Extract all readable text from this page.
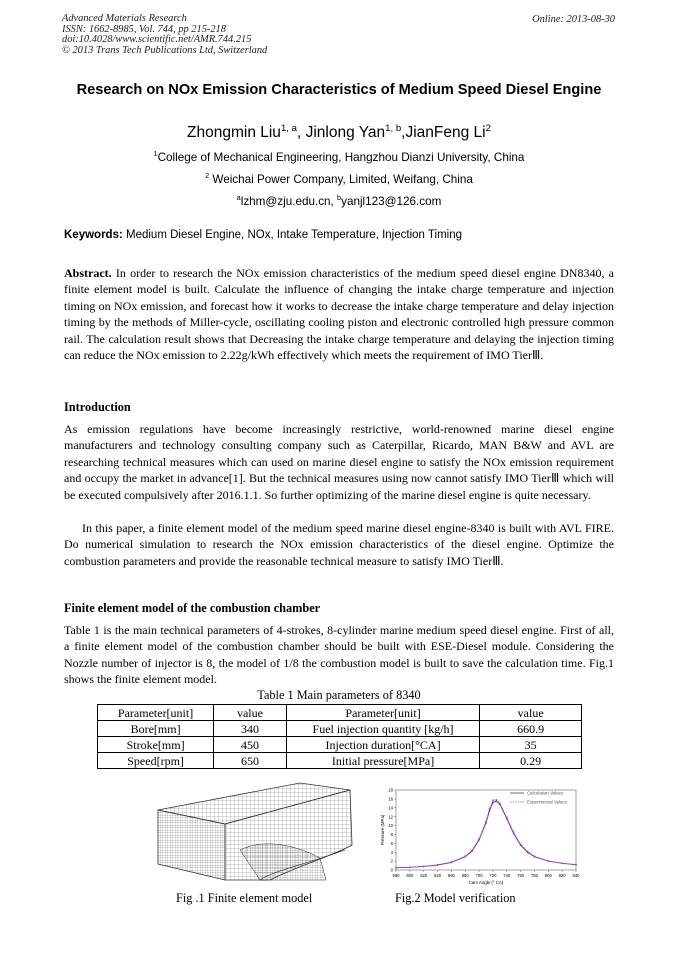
Advanced Materials Research
ISSN: 1662-8985, Vol. 744, pp 215-218
doi:10.4028/www.scientific.net/AMR.744.215
© 2013 Trans Tech Publications Ltd, Switzerland
Online: 2013-08-30
Research on NOx Emission Characteristics of Medium Speed Diesel Engine
Zhongmin Liu$^{1, a}$, Jinlong Yan$^{1, b}$,JianFeng Li$^2$
$^1$College of Mechanical Engineering, Hangzhou Dianzi University, China
$^2$ Weichai Power Company, Limited, Weifang, China
$^a$lzhm@zju.edu.cn, $^b$yanjl123@126.com
Keywords: Medium Diesel Engine, NOx, Intake Temperature, Injection Timing
Abstract. In order to research the NOx emission characteristics of the medium speed diesel engine DN8340, a finite element model is built. Calculate the influence of changing the intake charge temperature and injection timing on NOx emission, and forecast how it works to decrease the intake charge temperature and delay injection timing by the methods of Miller-cycle, oscillating cooling piston and electronic controlled high pressure common rail. The calculation result shows that Decreasing the intake charge temperature and delaying the injection timing can reduce the NOx emission to 2.22g/kWh effectively which meets the requirement of IMO TierⅢ.
Introduction
As emission regulations have become increasingly restrictive, world-renowned marine diesel engine manufacturers and technology consulting company such as Caterpillar, Ricardo, MAN B&W and AVL are researching technical measures which can used on marine diesel engine to satisfy the NOx emission requirement and occupy the market in advance[1]. But the technical measures using now cannot satisfy IMO TierⅢ which will be executed compulsively after 2016.1.1. So further optimizing of the marine diesel engine is quite necessary.
In this paper, a finite element model of the medium speed marine diesel engine-8340 is built with AVL FIRE. Do numerical simulation to research the NOx emission characteristics of the diesel engine. Optimize the combustion parameters and provide the reasonable technical measure to satisfy IMO TierⅢ.
Finite element model of the combustion chamber
Table 1 is the main technical parameters of 4-strokes, 8-cylinder marine medium speed diesel engine. First of all, a finite element model of the combustion chamber should be built with ESE-Diesel module. Considering the Nozzle number of injector is 8, the model of 1/8 the combustion model is built to save the calculation time. Fig.1 shows the finite element model.
Table 1 Main parameters of 8340
Parameter[unit]	value	Parameter[unit]	value
Bore[mm]	340	Fuel injection quantity [kg/h]	660.9
Stroke[mm]	450	Injection duration[°CA]	35
Speed[rpm]	650	Initial pressure[MPa]	0.29
Fig .1 Finite element model
0
2
4
6
8
10
12
14
16
18
580 600 620 640 660 680 700 720 740 760 780 800 820 840
Cam Angle (° CA)
Pressure (MPa)
Calculation Values
Experimental Values
Fig.2 Model verification
